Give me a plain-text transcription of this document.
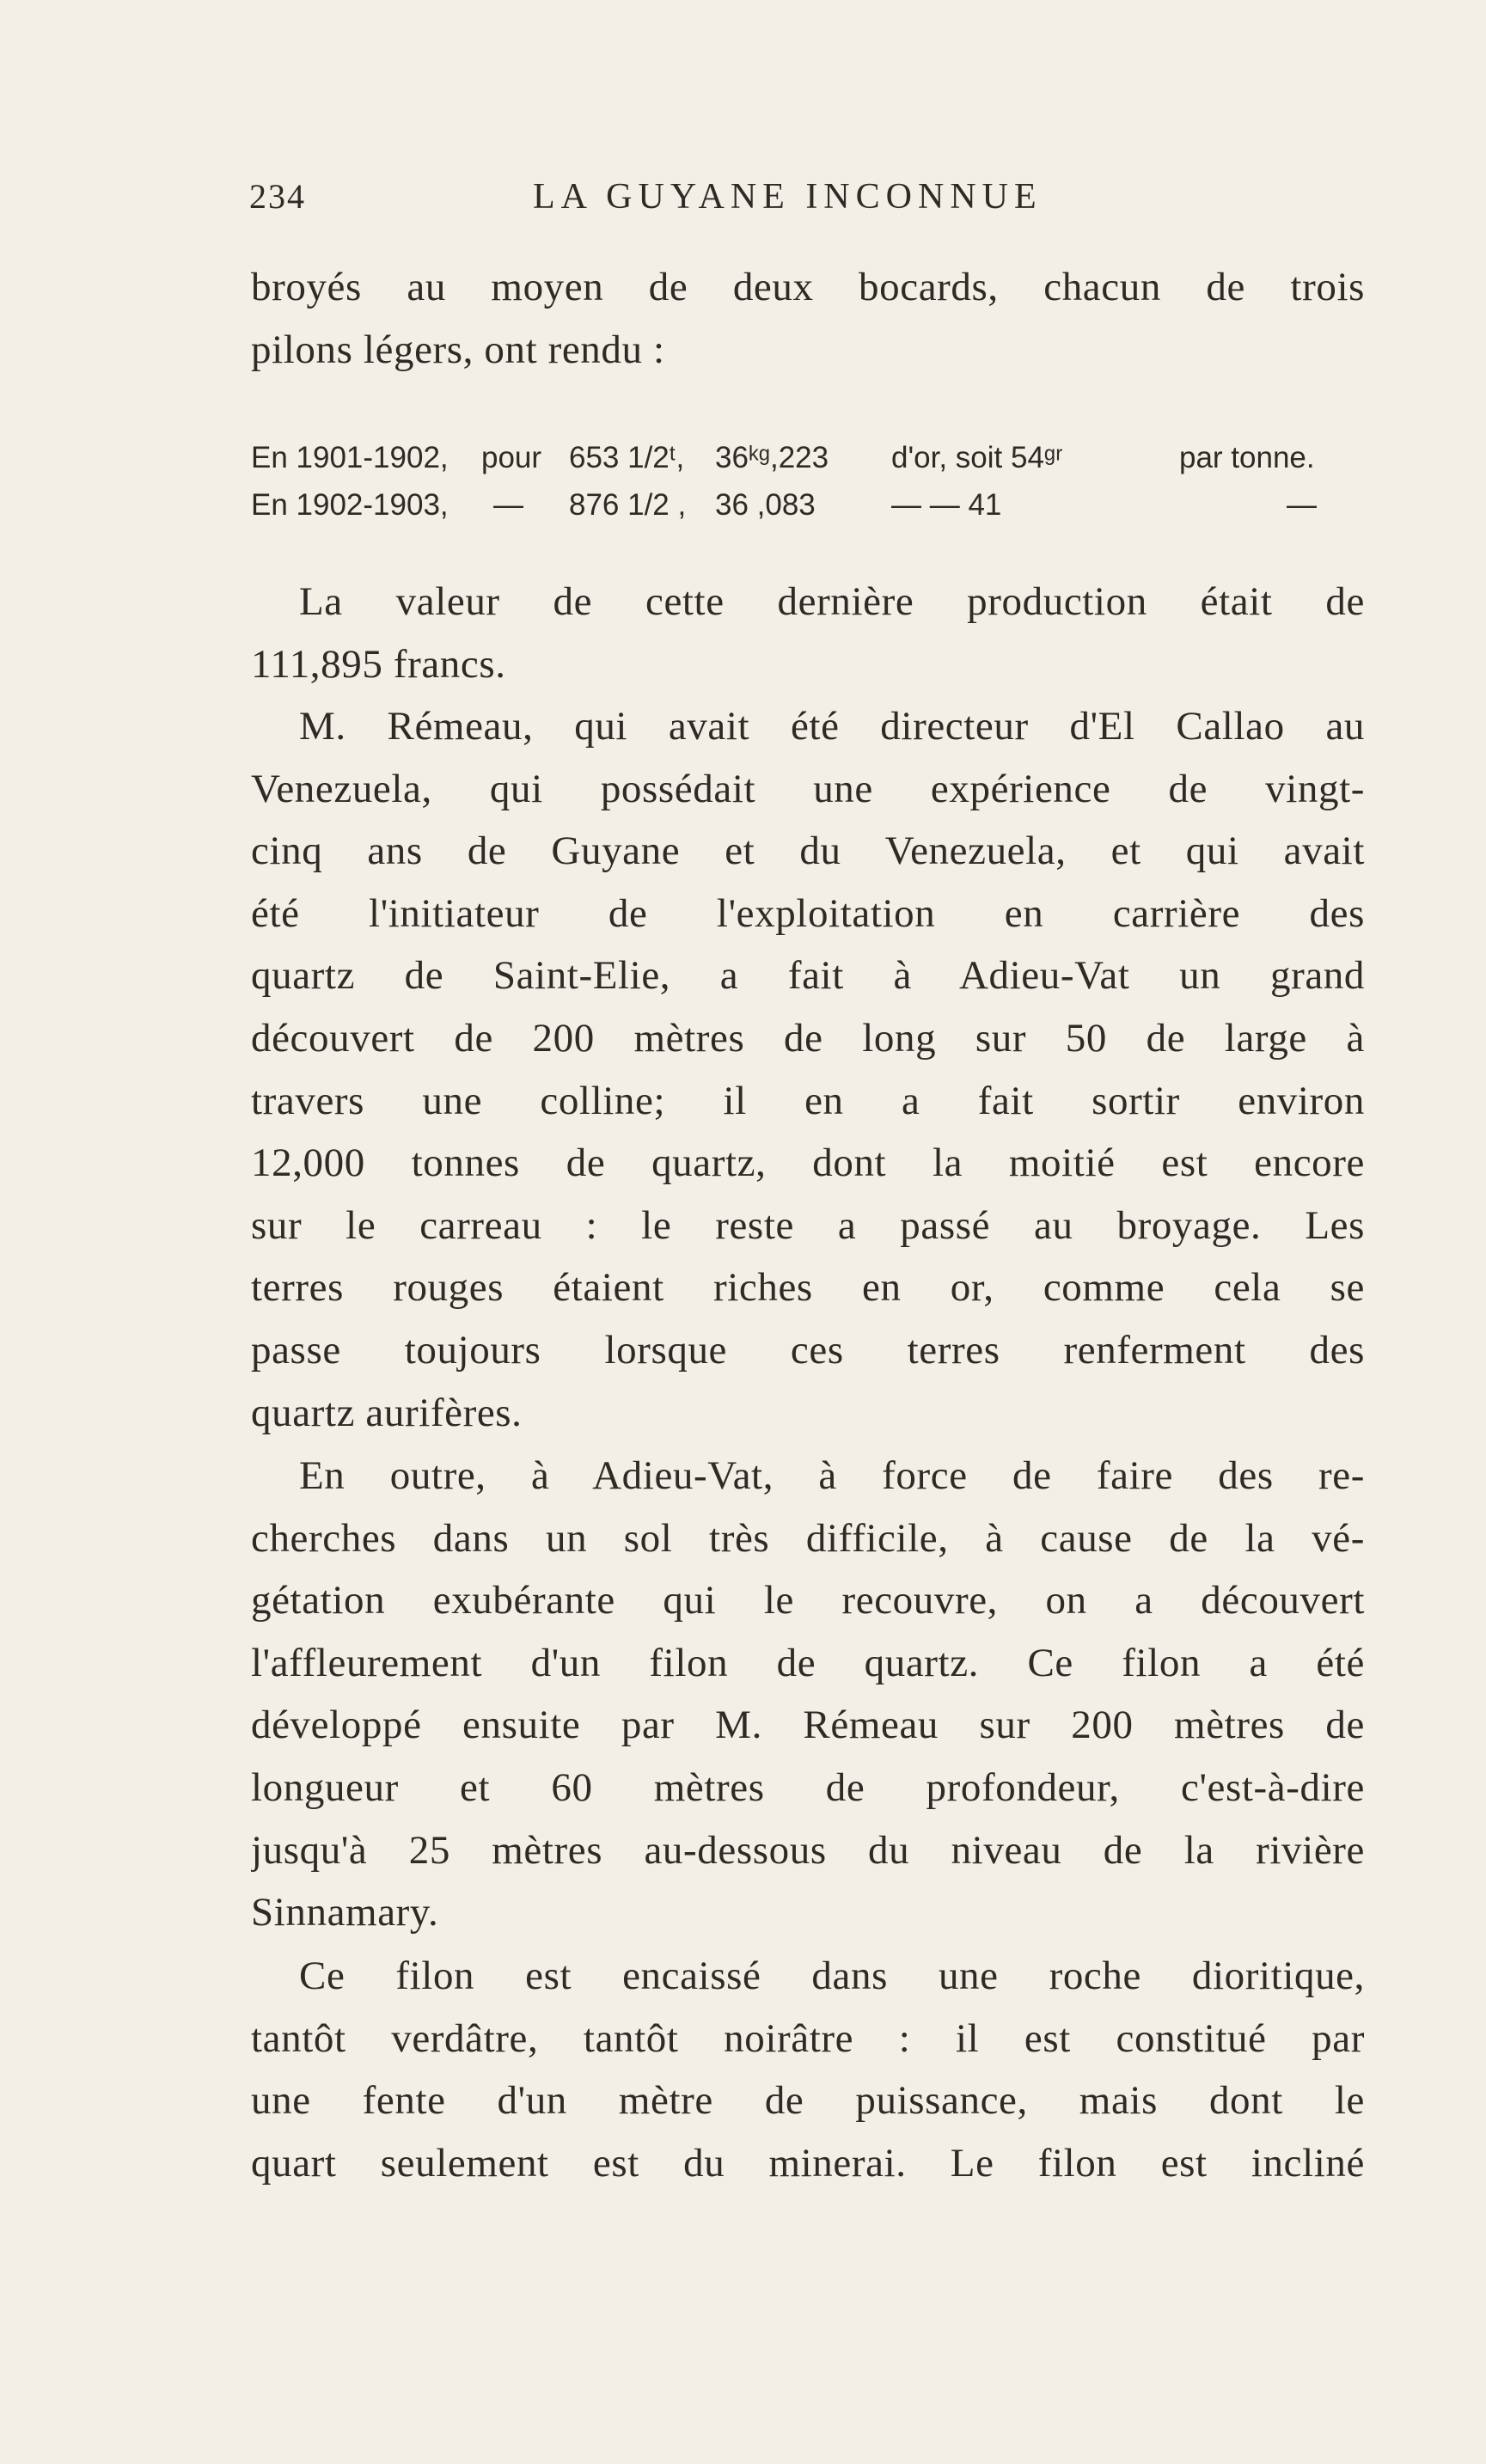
234	LA GUYANE INCONNUE
broyés au moyen de deux bocards, chacun de trois
pilons légers, ont rendu :
En 1901-1902, pour 653 1/2ᵗ, 36ᵏᵍ,223 d'or, soit 54ᵍʳ	par tonne.
En 1902-1903, — 876 1/2 , 36 ,083	— — 41	—
La valeur de cette dernière production était de
111,895 francs.
M. Rémeau, qui avait été directeur d'El Callao au
Venezuela, qui possédait une expérience de vingt-
cinq ans de Guyane et du Venezuela, et qui avait
été l'initiateur de l'exploitation en carrière des
quartz de Saint-Elie, a fait à Adieu-Vat un grand
découvert de 200 mètres de long sur 50 de large à
travers une colline; il en a fait sortir environ
12,000 tonnes de quartz, dont la moitié est encore
sur le carreau : le reste a passé au broyage. Les
terres rouges étaient riches en or, comme cela se
passe toujours lorsque ces terres renferment des
quartz aurifères.
En outre, à Adieu-Vat, à force de faire des re-
cherches dans un sol très difficile, à cause de la vé-
gétation exubérante qui le recouvre, on a découvert
l'affleurement d'un filon de quartz. Ce filon a été
développé ensuite par M. Rémeau sur 200 mètres de
longueur et 60 mètres de profondeur, c'est-à-dire
jusqu'à 25 mètres au-dessous du niveau de la rivière
Sinnamary.
Ce filon est encaissé dans une roche dioritique,
tantôt verdâtre, tantôt noirâtre : il est constitué par
une fente d'un mètre de puissance, mais dont le
quart seulement est du minerai. Le filon est incliné
